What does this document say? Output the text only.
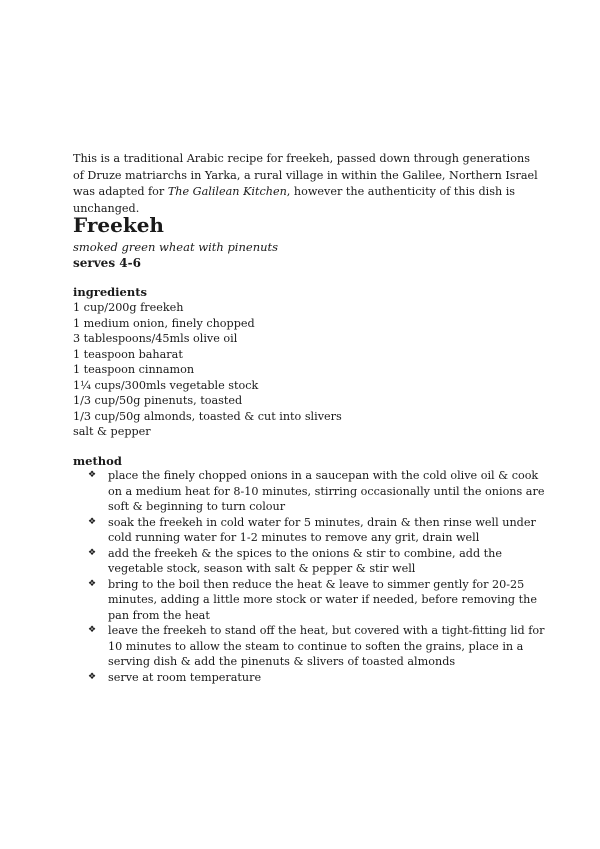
This is a traditional Arabic recipe for freekeh, passed down through generations of Druze matriarchs in Yarka, a rural village in within the Galilee, Northern Israel was adapted for The Galilean Kitchen, however the authenticity of this dish is unchanged.

Freekeh
smoked green wheat with pinenuts
serves 4-6
ingredients
1 cup/200g freekeh
1 medium onion, finely chopped
3 tablespoons/45mls olive oil
1 teaspoon baharat
1 teaspoon cinnamon
1¼ cups/300mls vegetable stock
1/3 cup/50g pinenuts, toasted
1/3 cup/50g almonds, toasted & cut into slivers
salt & pepper
method
❖ place the finely chopped onions in a saucepan with the cold olive oil & cook on a medium heat for 8-10 minutes, stirring occasionally until the onions are soft & beginning to turn colour
❖ soak the freekeh in cold water for 5 minutes, drain & then rinse well under cold running water for 1-2 minutes to remove any grit, drain well
❖ add the freekeh & the spices to the onions & stir to combine, add the vegetable stock, season with salt & pepper & stir well
❖ bring to the boil then reduce the heat & leave to simmer gently for 20-25 minutes, adding a little more stock or water if needed, before removing the pan from the heat
❖ leave the freekeh to stand off the heat, but covered with a tight-fitting lid for 10 minutes to allow the steam to continue to soften the grains, place in a serving dish & add the pinenuts & slivers of toasted almonds
❖ serve at room temperature
